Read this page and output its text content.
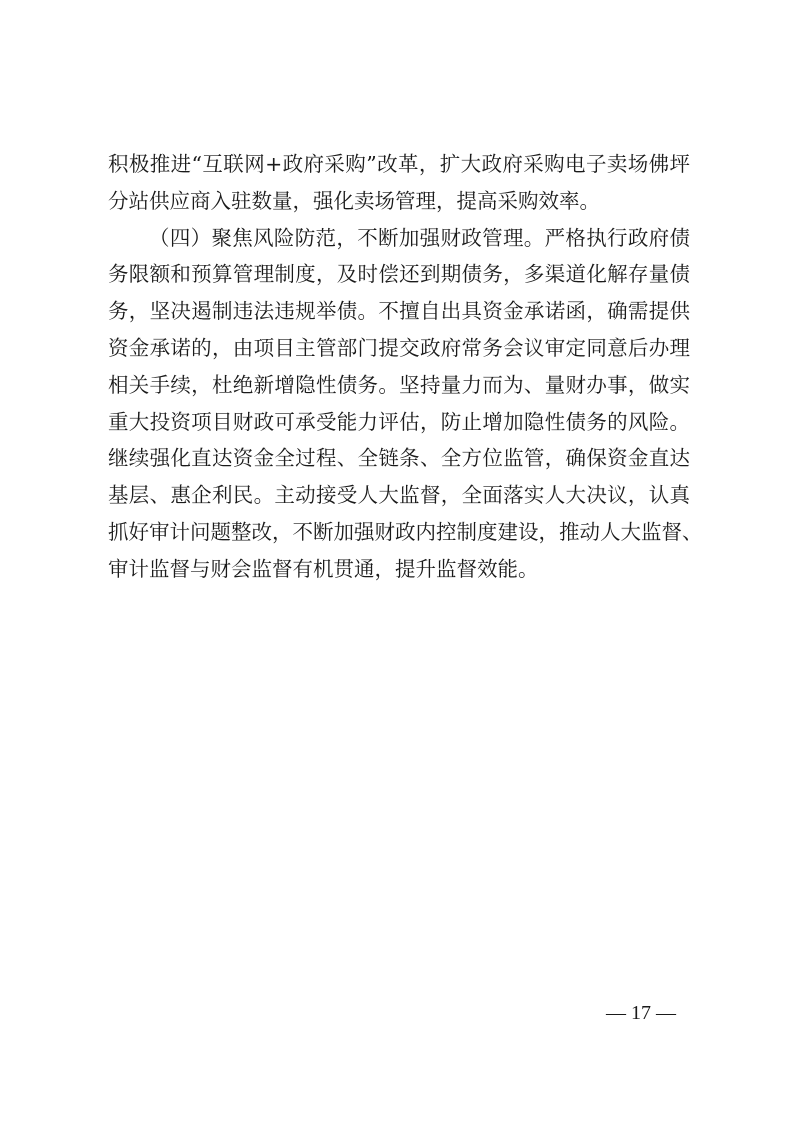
积极推进“互联网+政府采购”改革，扩大政府采购电子卖场佛坪
分站供应商入驻数量，强化卖场管理，提高采购效率。
（四）聚焦风险防范，不断加强财政管理。严格执行政府债
务限额和预算管理制度，及时偿还到期债务，多渠道化解存量债
务，坚决遏制违法违规举债。不擅自出具资金承诺函，确需提供
资金承诺的，由项目主管部门提交政府常务会议审定同意后办理
相关手续，杜绝新增隐性债务。坚持量力而为、量财办事，做实
重大投资项目财政可承受能力评估，防止增加隐性债务的风险。
继续强化直达资金全过程、全链条、全方位监管，确保资金直达
基层、惠企利民。主动接受人大监督，全面落实人大决议，认真
抓好审计问题整改，不断加强财政内控制度建设，推动人大监督、
审计监督与财会监督有机贯通，提升监督效能。
— 17 —
